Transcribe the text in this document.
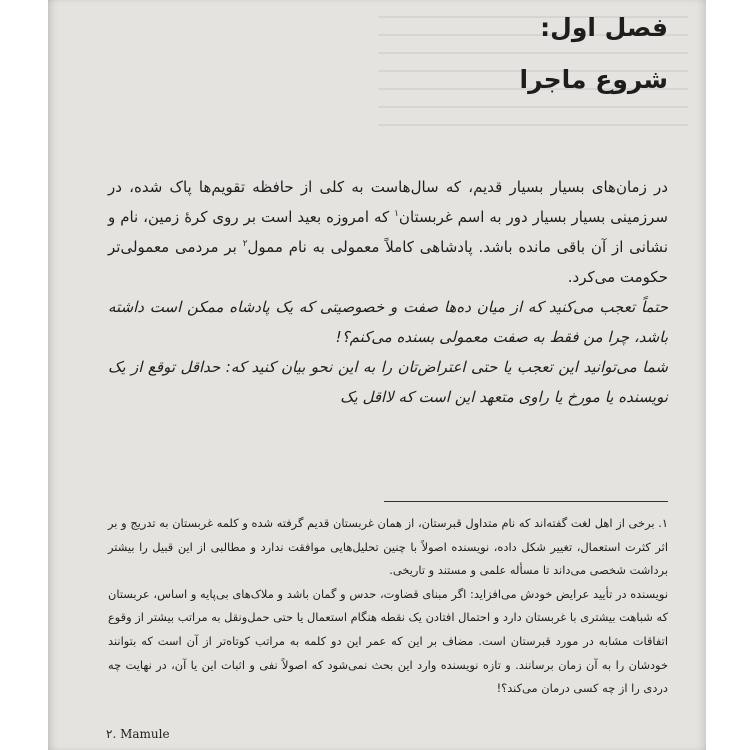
فصل اول:
شروع ماجرا

در زمان‌های بسیار بسیار قدیم، که سال‌هاست به کلی از حافظه تقویم‌ها پاک شده، در سرزمینی بسیار بسیار دور به اسم غربستان$^۱$ که امروزه بعید است بر روی کرهٔ زمین، نام و نشانی از آن باقی مانده باشد. پادشاهی کاملاً معمولی به نام ممول$^۲$ بر مردمی معمولی‌تر حکومت می‌کرد.

حتماً تعجب می‌کنید که از میان ده‌ها صفت و خصوصیتی که یک پادشاه ممکن است داشته باشد، چرا من فقط به صفت معمولی بسنده می‌کنم؟!

شما می‌توانید این تعجب یا حتی اعتراض‌تان را به این نحو بیان کنید که: حداقل توقع از یک نویسنده یا مورخ یا راوی متعهد این است که لااقل یک

۱. برخی از اهل لغت گفته‌اند که نام متداول قبرستان، از همان غربستان قدیم گرفته شده و کلمه غربستان به تدریج و بر اثر کثرت استعمال، تغییر شکل داده، نویسنده اصولاً با چنین تحلیل‌هایی موافقت ندارد و مطالبی از این قبیل را بیشتر برداشت شخصی می‌داند تا مسأله علمی و مستند و تاریخی.

نویسنده در تأیید عرایض خودش می‌افزاید: اگر مبنای قضاوت، حدس و گمان باشد و ملاک‌های بی‌پایه و اساس، عربستان که شباهت بیشتری با غربستان دارد و احتمال افتادن یک نقطه هنگام استعمال یا حتی حمل‌ونقل به مراتب بیشتر از وقوع اتفاقات مشابه در مورد قبرستان است. مضاف بر این که عمر این دو کلمه به مراتب کوتاه‌تر از آن است که بتوانند خودشان را به آن زمان برسانند. و تازه نویسنده وارد این بحث نمی‌شود که اصولاً نفی و اثبات این یا آن، در نهایت چه دردی را از چه کسی درمان می‌کند؟!

۲. Mamule
